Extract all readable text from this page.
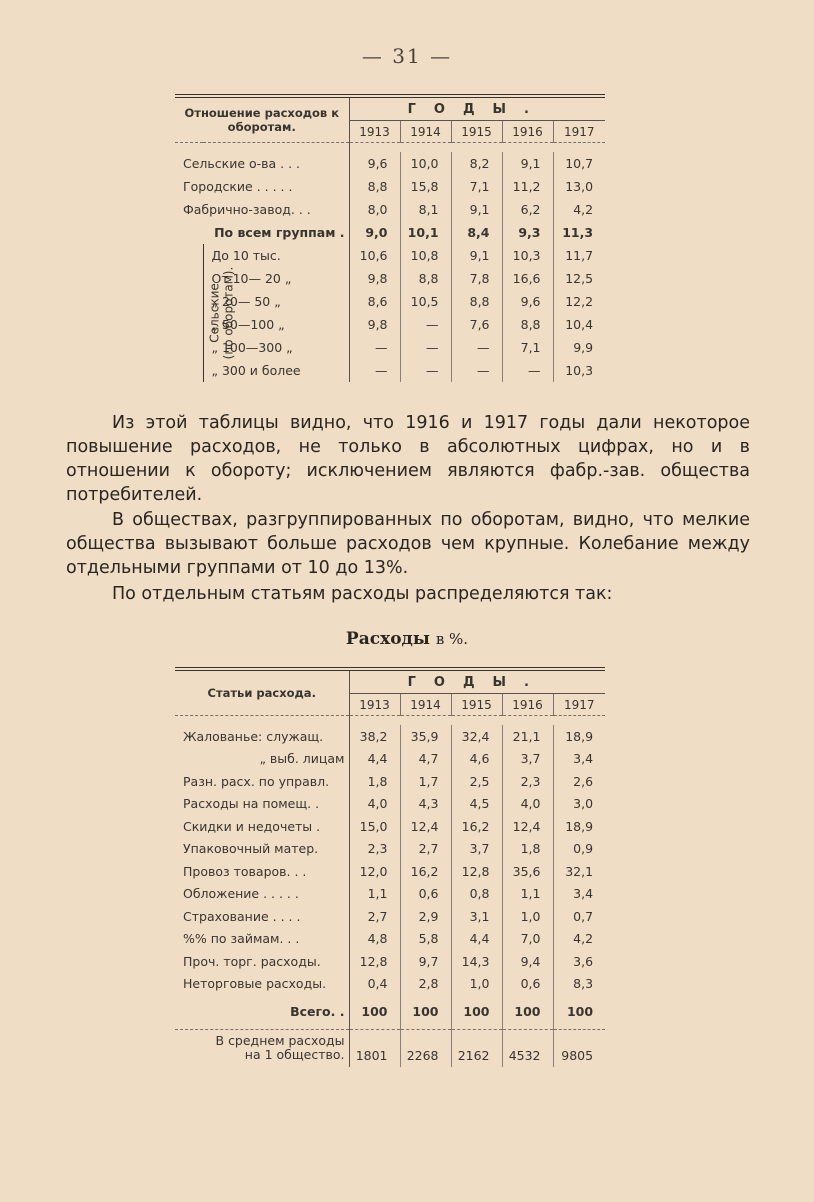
— 31 —
Отношение расходов к оборотам.		ГОДЫ.				
		1913	1914	1915	1916	1917

Сельские о-ва . . .		9,6	10,0	8,2	9,1	10,7
Городские . . . . .		8,8	15,8	7,1	11,2	13,0
Фабрично-завод. . .		8,0	8,1	9,1	6,2	4,2
По всем группам .		9,0	10,1	8,4	9,3	11,3

Сельские (по оборотам).	До 10 тыс.	10,6	10,8	9,1	10,3	11,7
	От 10— 20 „	9,8	8,8	7,8	16,6	12,5
	„ 20— 50 „	8,6	10,5	8,8	9,6	12,2
	„ 50—100 „	9,8	—	7,6	8,8	10,4
	„ 100—300 „	—	—	—	7,1	9,9
	„ 300 и более	—	—	—	—	10,3
Из этой таблицы видно, что 1916 и 1917 годы дали некоторое повышение расходов, не только в абсолютных цифрах, но и в отношении к обороту; исключением являются фабр.-зав. общества потребителей.
В обществах, разгруппированных по оборотам, видно, что мелкие общества вызывают больше расходов чем крупные. Колебание между отдельными группами от 10 до 13%.
По отдельным статьям расходы распределяются так:
Расходы в %.
Статьи расхода.	ГОДЫ.				
	1913	1914	1915	1916	1917

Жалованье: служащ.	38,2	35,9	32,4	21,1	18,9
„ выб. лицам	4,4	4,7	4,6	3,7	3,4
Разн. расх. по управл.	1,8	1,7	2,5	2,3	2,6
Расходы на помещ. .	4,0	4,3	4,5	4,0	3,0
Скидки и недочеты .	15,0	12,4	16,2	12,4	18,9
Упаковочный матер.	2,3	2,7	3,7	1,8	0,9
Провоз товаров. . .	12,0	16,2	12,8	35,6	32,1
Обложение . . . . .	1,1	0,6	0,8	1,1	3,4
Страхование . . . .	2,7	2,9	3,1	1,0	0,7
%% по займам. . .	4,8	5,8	4,4	7,0	4,2
Проч. торг. расходы.	12,8	9,7	14,3	9,4	3,6
Неторговые расходы.	0,4	2,8	1,0	0,6	8,3
Всего. .	100	100	100	100	100

В среднем расходы
на 1 общество.	1801	2268	2162	4532	9805
